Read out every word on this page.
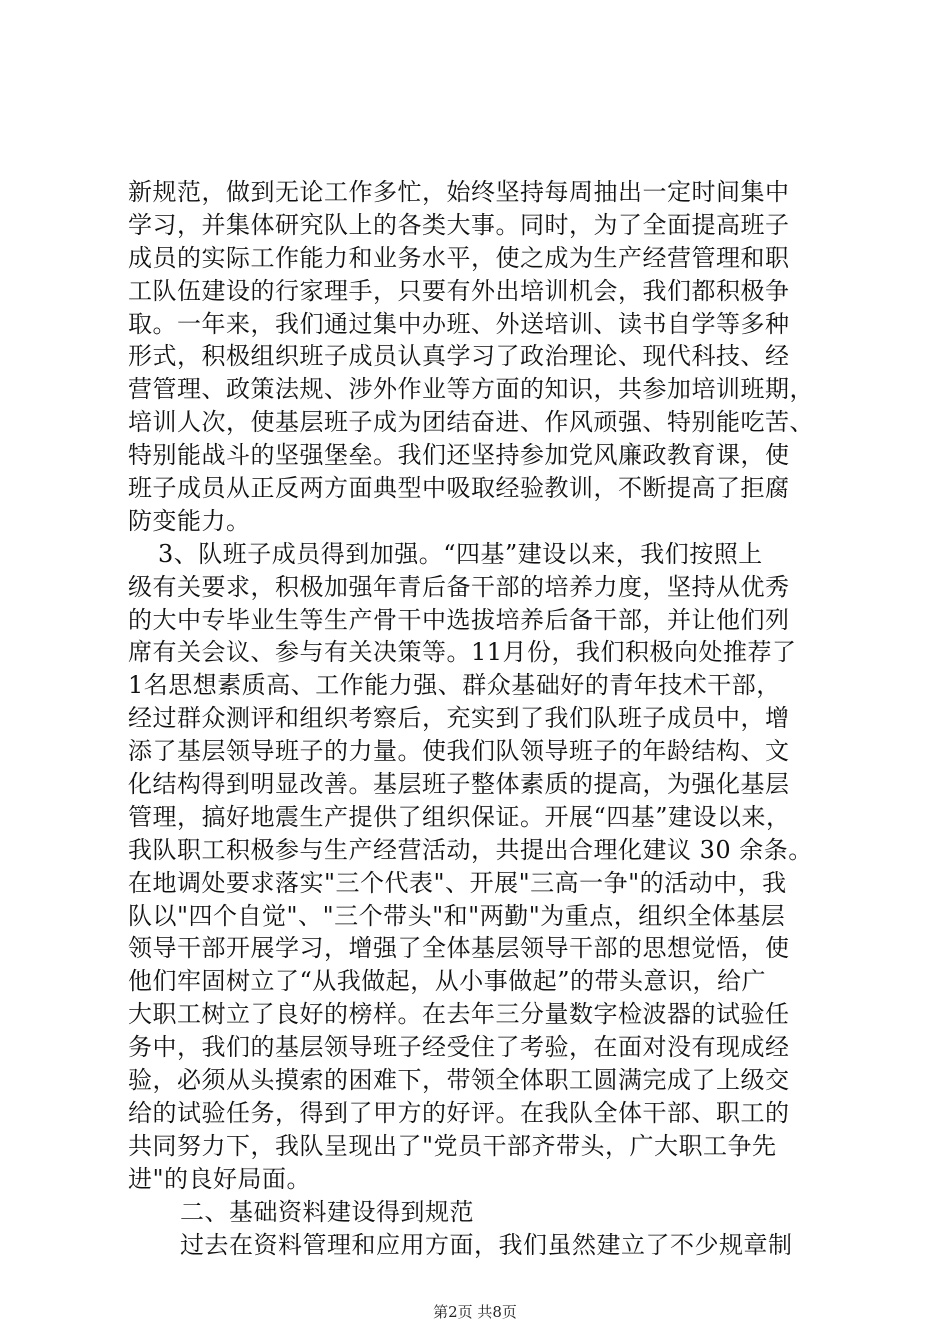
新规范，做到无论工作多忙，始终坚持每周抽出一定时间集中
学习，并集体研究队上的各类大事。同时，为了全面提高班子
成员的实际工作能力和业务水平，使之成为生产经营管理和职
工队伍建设的行家理手，只要有外出培训机会，我们都积极争
取。一年来，我们通过集中办班、外送培训、读书自学等多种
形式，积极组织班子成员认真学习了政治理论、现代科技、经
营管理、政策法规、涉外作业等方面的知识，共参加培训班期，
培训人次，使基层班子成为团结奋进、作风顽强、特别能吃苦、
特别能战斗的坚强堡垒。我们还坚持参加党风廉政教育课，使
班子成员从正反两方面典型中吸取经验教训，不断提高了拒腐
防变能力。
3、队班子成员得到加强。“四基”建设以来，我们按照上
级有关要求，积极加强年青后备干部的培养力度，坚持从优秀
的大中专毕业生等生产骨干中选拔培养后备干部，并让他们列
席有关会议、参与有关决策等。11月份，我们积极向处推荐了
1名思想素质高、工作能力强、群众基础好的青年技术干部，
经过群众测评和组织考察后，充实到了我们队班子成员中，增
添了基层领导班子的力量。使我们队领导班子的年龄结构、文
化结构得到明显改善。基层班子整体素质的提高，为强化基层
管理，搞好地震生产提供了组织保证。开展“四基”建设以来，
我队职工积极参与生产经营活动，共提出合理化建议 30 余条。
在地调处要求落实"三个代表"、开展"三高一争"的活动中，我
队以"四个自觉"、"三个带头"和"两勤"为重点，组织全体基层
领导干部开展学习，增强了全体基层领导干部的思想觉悟，使
他们牢固树立了“从我做起，从小事做起”的带头意识，给广
大职工树立了良好的榜样。在去年三分量数字检波器的试验任
务中，我们的基层领导班子经受住了考验，在面对没有现成经
验，必须从头摸索的困难下，带领全体职工圆满完成了上级交
给的试验任务，得到了甲方的好评。在我队全体干部、职工的
共同努力下，我队呈现出了"党员干部齐带头，广大职工争先
进"的良好局面。
二、基础资料建设得到规范
过去在资料管理和应用方面，我们虽然建立了不少规章制
第2页 共8页
